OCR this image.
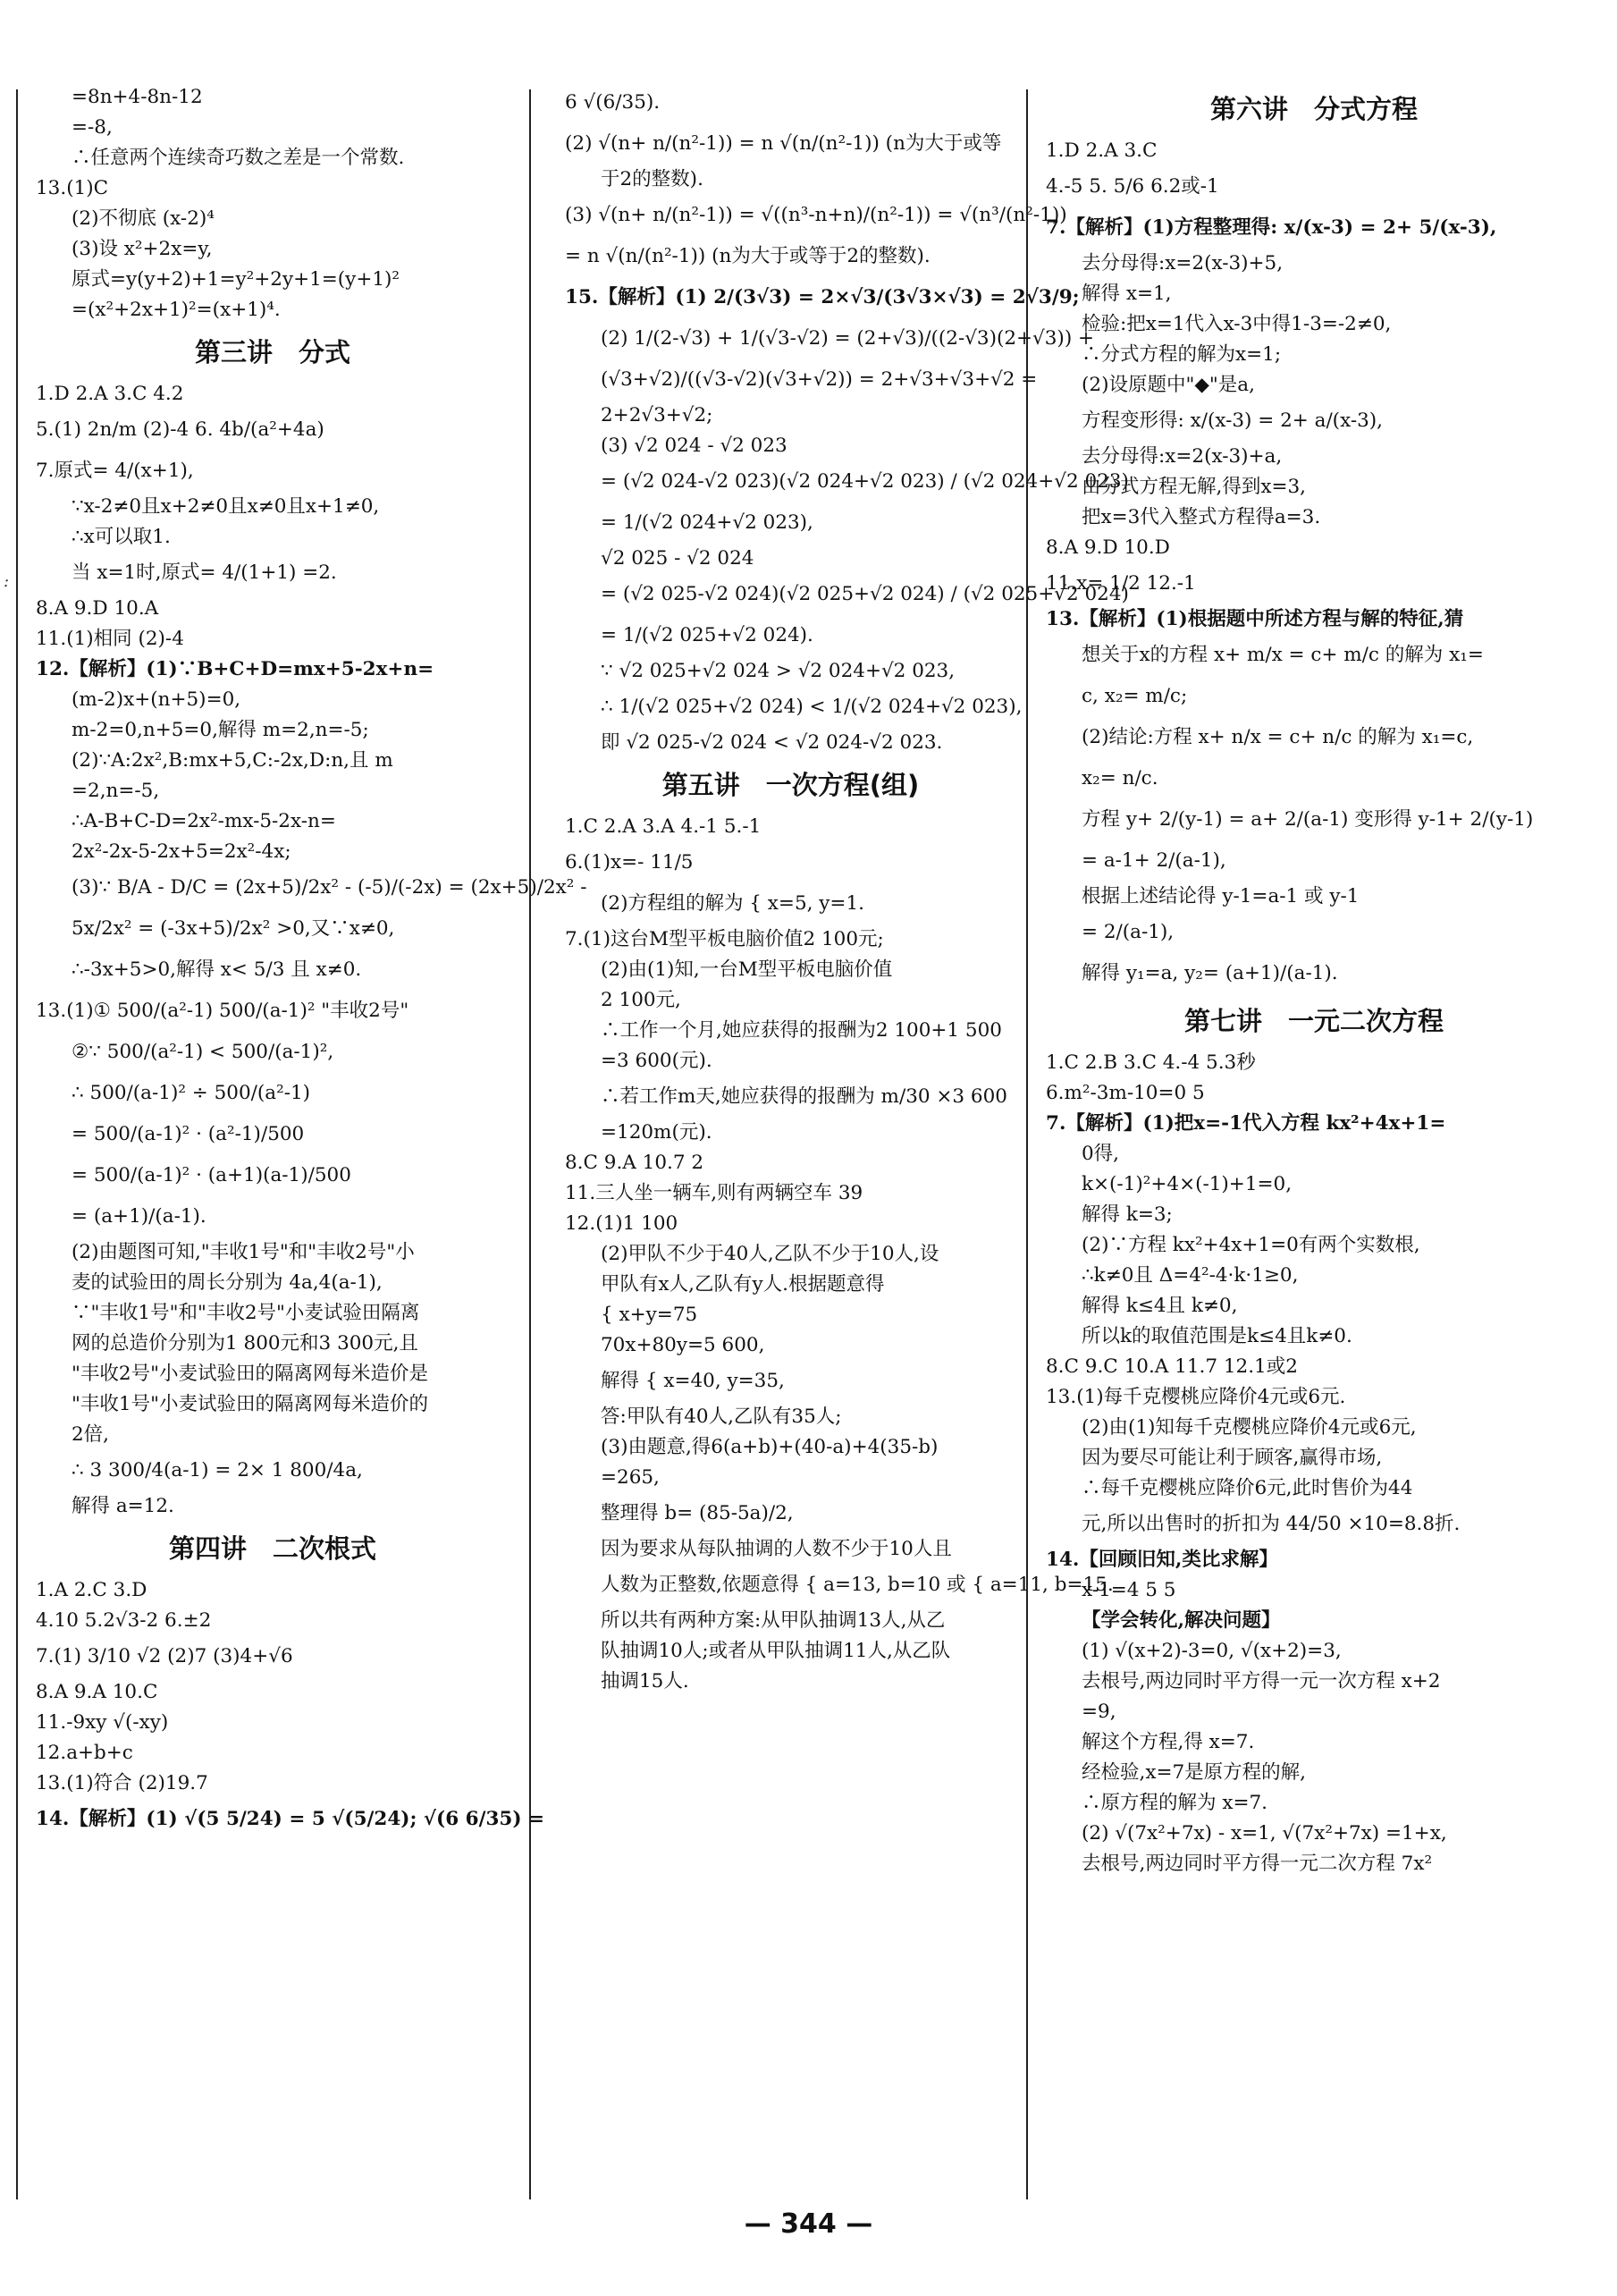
:
=8n+4-8n-12
=-8,
∴任意两个连续奇巧数之差是一个常数.
13.(1)C
(2)不彻底 (x-2)⁴
(3)设 x²+2x=y,
原式=y(y+2)+1=y²+2y+1=(y+1)²
=(x²+2x+1)²=(x+1)⁴.
第三讲　分式
1.D 2.A 3.C 4.2
5.(1) 2n/m (2)-4 6. 4b/(a²+4a)
7.原式= 4/(x+1),
∵x-2≠0且x+2≠0且x≠0且x+1≠0,
∴x可以取1.
当 x=1时,原式= 4/(1+1) =2.
8.A 9.D 10.A
11.(1)相同 (2)-4
12.【解析】(1)∵B+C+D=mx+5-2x+n=
(m-2)x+(n+5)=0,
m-2=0,n+5=0,解得 m=2,n=-5;
(2)∵A:2x²,B:mx+5,C:-2x,D:n,且 m
=2,n=-5,
∴A-B+C-D=2x²-mx-5-2x-n=
2x²-2x-5-2x+5=2x²-4x;
(3)∵ B/A - D/C = (2x+5)/2x² - (-5)/(-2x) = (2x+5)/2x² -
5x/2x² = (-3x+5)/2x² >0,又∵x≠0,
∴-3x+5>0,解得 x< 5/3 且 x≠0.
13.(1)① 500/(a²-1) 500/(a-1)² "丰收2号"
②∵ 500/(a²-1) < 500/(a-1)²,
∴ 500/(a-1)² ÷ 500/(a²-1)
= 500/(a-1)² · (a²-1)/500
= 500/(a-1)² · (a+1)(a-1)/500
= (a+1)/(a-1).
(2)由题图可知,"丰收1号"和"丰收2号"小
麦的试验田的周长分别为 4a,4(a-1),
∵"丰收1号"和"丰收2号"小麦试验田隔离
网的总造价分别为1 800元和3 300元,且
"丰收2号"小麦试验田的隔离网每米造价是
"丰收1号"小麦试验田的隔离网每米造价的
2倍,
∴ 3 300/4(a-1) = 2× 1 800/4a,
解得 a=12.
第四讲　二次根式
1.A 2.C 3.D
4.10 5.2√3-2 6.±2
7.(1) 3/10 √2 (2)7 (3)4+√6
8.A 9.A 10.C
11.-9xy √(-xy)
12.a+b+c
13.(1)符合 (2)19.7
14.【解析】(1) √(5 5/24) = 5 √(5/24); √(6 6/35) =
6 √(6/35).
(2) √(n+ n/(n²-1)) = n √(n/(n²-1)) (n为大于或等
于2的整数).
(3) √(n+ n/(n²-1)) = √((n³-n+n)/(n²-1)) = √(n³/(n²-1))
= n √(n/(n²-1)) (n为大于或等于2的整数).
15.【解析】(1) 2/(3√3) = 2×√3/(3√3×√3) = 2√3/9;
(2) 1/(2-√3) + 1/(√3-√2) = (2+√3)/((2-√3)(2+√3)) +
(√3+√2)/((√3-√2)(√3+√2)) = 2+√3+√3+√2 =
2+2√3+√2;
(3) √2 024 - √2 023
= (√2 024-√2 023)(√2 024+√2 023) / (√2 024+√2 023)
= 1/(√2 024+√2 023),
√2 025 - √2 024
= (√2 025-√2 024)(√2 025+√2 024) / (√2 025+√2 024)
= 1/(√2 025+√2 024).
∵ √2 025+√2 024 > √2 024+√2 023,
∴ 1/(√2 025+√2 024) < 1/(√2 024+√2 023),
即 √2 025-√2 024 < √2 024-√2 023.
第五讲　一次方程(组)
1.C 2.A 3.A 4.-1 5.-1
6.(1)x=- 11/5
(2)方程组的解为 { x=5, y=1.
7.(1)这台M型平板电脑价值2 100元;
(2)由(1)知,一台M型平板电脑价值
2 100元,
∴工作一个月,她应获得的报酬为2 100+1 500
=3 600(元).
∴若工作m天,她应获得的报酬为 m/30 ×3 600
=120m(元).
8.C 9.A 10.7 2
11.三人坐一辆车,则有两辆空车 39
12.(1)1 100
(2)甲队不少于40人,乙队不少于10人,设
甲队有x人,乙队有y人.根据题意得
{ x+y=75
70x+80y=5 600,
解得 { x=40, y=35,
答:甲队有40人,乙队有35人;
(3)由题意,得6(a+b)+(40-a)+4(35-b)
=265,
整理得 b= (85-5a)/2,
因为要求从每队抽调的人数不少于10人且
人数为正整数,依题意得 { a=13, b=10 或 { a=11, b=15.
所以共有两种方案:从甲队抽调13人,从乙
队抽调10人;或者从甲队抽调11人,从乙队
抽调15人.
第六讲　分式方程
1.D 2.A 3.C
4.-5 5. 5/6 6.2或-1
7.【解析】(1)方程整理得: x/(x-3) = 2+ 5/(x-3),
去分母得:x=2(x-3)+5,
解得 x=1,
检验:把x=1代入x-3中得1-3=-2≠0,
∴分式方程的解为x=1;
(2)设原题中"◆"是a,
方程变形得: x/(x-3) = 2+ a/(x-3),
去分母得:x=2(x-3)+a,
由分式方程无解,得到x=3,
把x=3代入整式方程得a=3.
8.A 9.D 10.D
11.x= 1/2 12.-1
13.【解析】(1)根据题中所述方程与解的特征,猜
想关于x的方程 x+ m/x = c+ m/c 的解为 x₁=
c, x₂= m/c;
(2)结论:方程 x+ n/x = c+ n/c 的解为 x₁=c,
x₂= n/c.
方程 y+ 2/(y-1) = a+ 2/(a-1) 变形得 y-1+ 2/(y-1)
= a-1+ 2/(a-1),
根据上述结论得 y-1=a-1 或 y-1
= 2/(a-1),
解得 y₁=a, y₂= (a+1)/(a-1).
第七讲　一元二次方程
1.C 2.B 3.C 4.-4 5.3秒
6.m²-3m-10=0 5
7.【解析】(1)把x=-1代入方程 kx²+4x+1=
0得,
k×(-1)²+4×(-1)+1=0,
解得 k=3;
(2)∵方程 kx²+4x+1=0有两个实数根,
∴k≠0且 Δ=4²-4·k·1≥0,
解得 k≤4且 k≠0,
所以k的取值范围是k≤4且k≠0.
8.C 9.C 10.A 11.7 12.1或2
13.(1)每千克樱桃应降价4元或6元.
(2)由(1)知每千克樱桃应降价4元或6元,
因为要尽可能让利于顾客,赢得市场,
∴每千克樱桃应降价6元,此时售价为44
元,所以出售时的折扣为 44/50 ×10=8.8折.
14.【回顾旧知,类比求解】
x-1=4 5 5
【学会转化,解决问题】
(1) √(x+2)-3=0, √(x+2)=3,
去根号,两边同时平方得一元一次方程 x+2
=9,
解这个方程,得 x=7.
经检验,x=7是原方程的解,
∴原方程的解为 x=7.
(2) √(7x²+7x) - x=1, √(7x²+7x) =1+x,
去根号,两边同时平方得一元二次方程 7x²
— 344 —
